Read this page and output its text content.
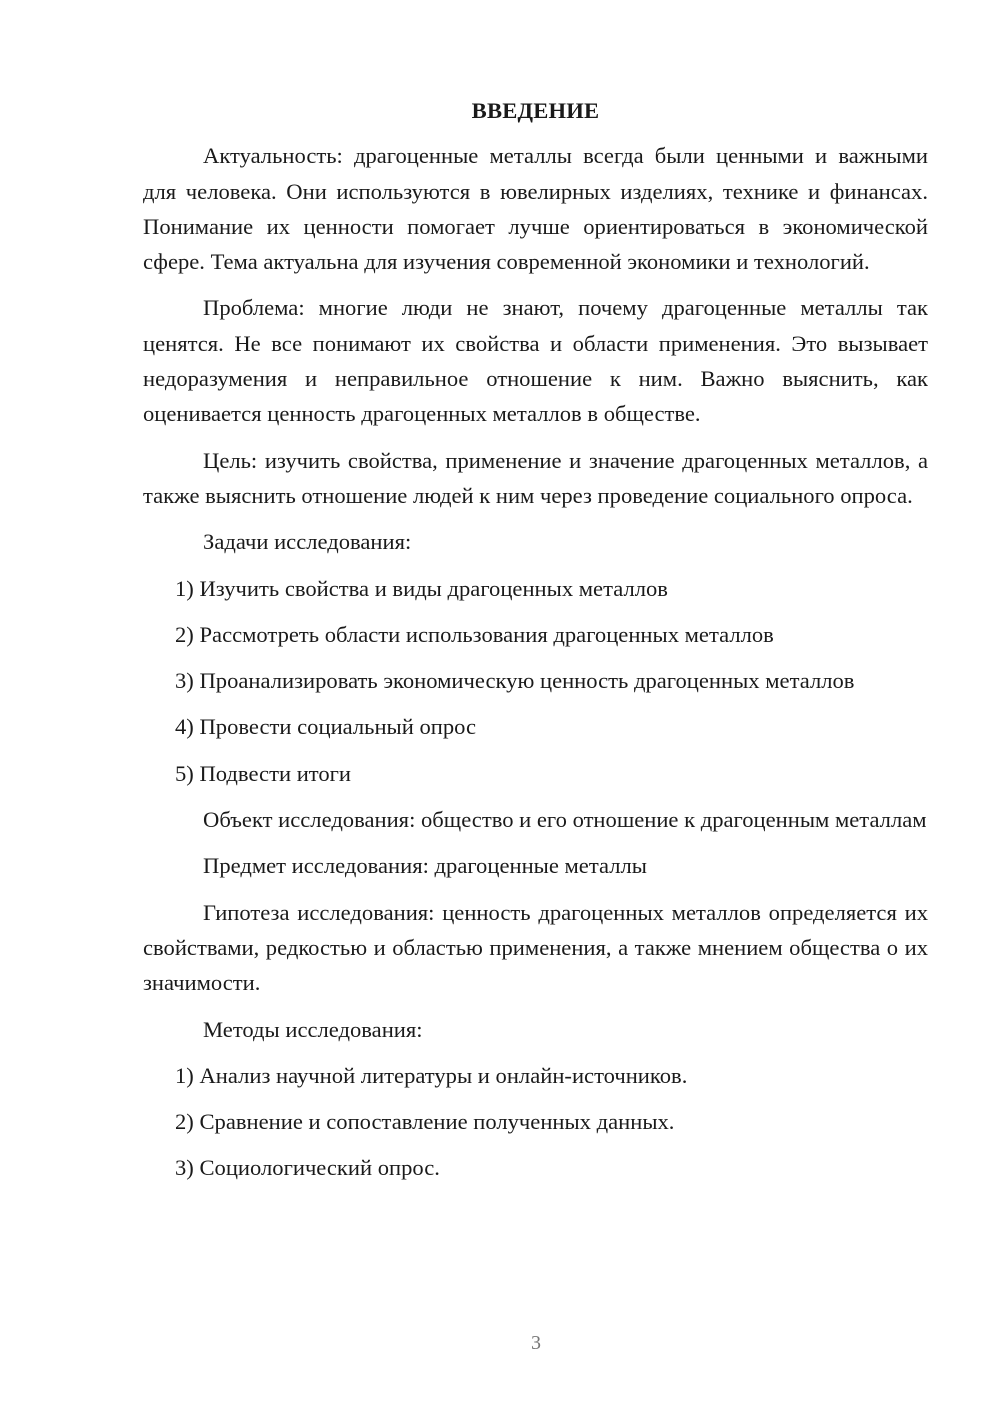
ВВЕДЕНИЕ

Актуальность: драгоценные металлы всегда были ценными и важными для человека. Они используются в ювелирных изделиях, технике и финансах. Понимание их ценности помогает лучше ориентироваться в экономической сфере. Тема актуальна для изучения современной экономики и технологий.

Проблема: многие люди не знают, почему драгоценные металлы так ценятся. Не все понимают их свойства и области применения. Это вызывает недоразумения и неправильное отношение к ним. Важно выяснить, как оценивается ценность драгоценных металлов в обществе.

Цель: изучить свойства, применение и значение драгоценных металлов, а также выяснить отношение людей к ним через проведение социального опроса.

Задачи исследования:

1) Изучить свойства и виды драгоценных металлов

2) Рассмотреть области использования драгоценных металлов

3) Проанализировать экономическую ценность драгоценных металлов

4) Провести социальный опрос

5) Подвести итоги

Объект исследования: общество и его отношение к драгоценным металлам

Предмет исследования: драгоценные металлы

Гипотеза исследования: ценность драгоценных металлов определяется их свойствами, редкостью и областью применения, а также мнением общества о их значимости.

Методы исследования:

1) Анализ научной литературы и онлайн-источников.

2) Сравнение и сопоставление полученных данных.

3) Социологический опрос.

3
